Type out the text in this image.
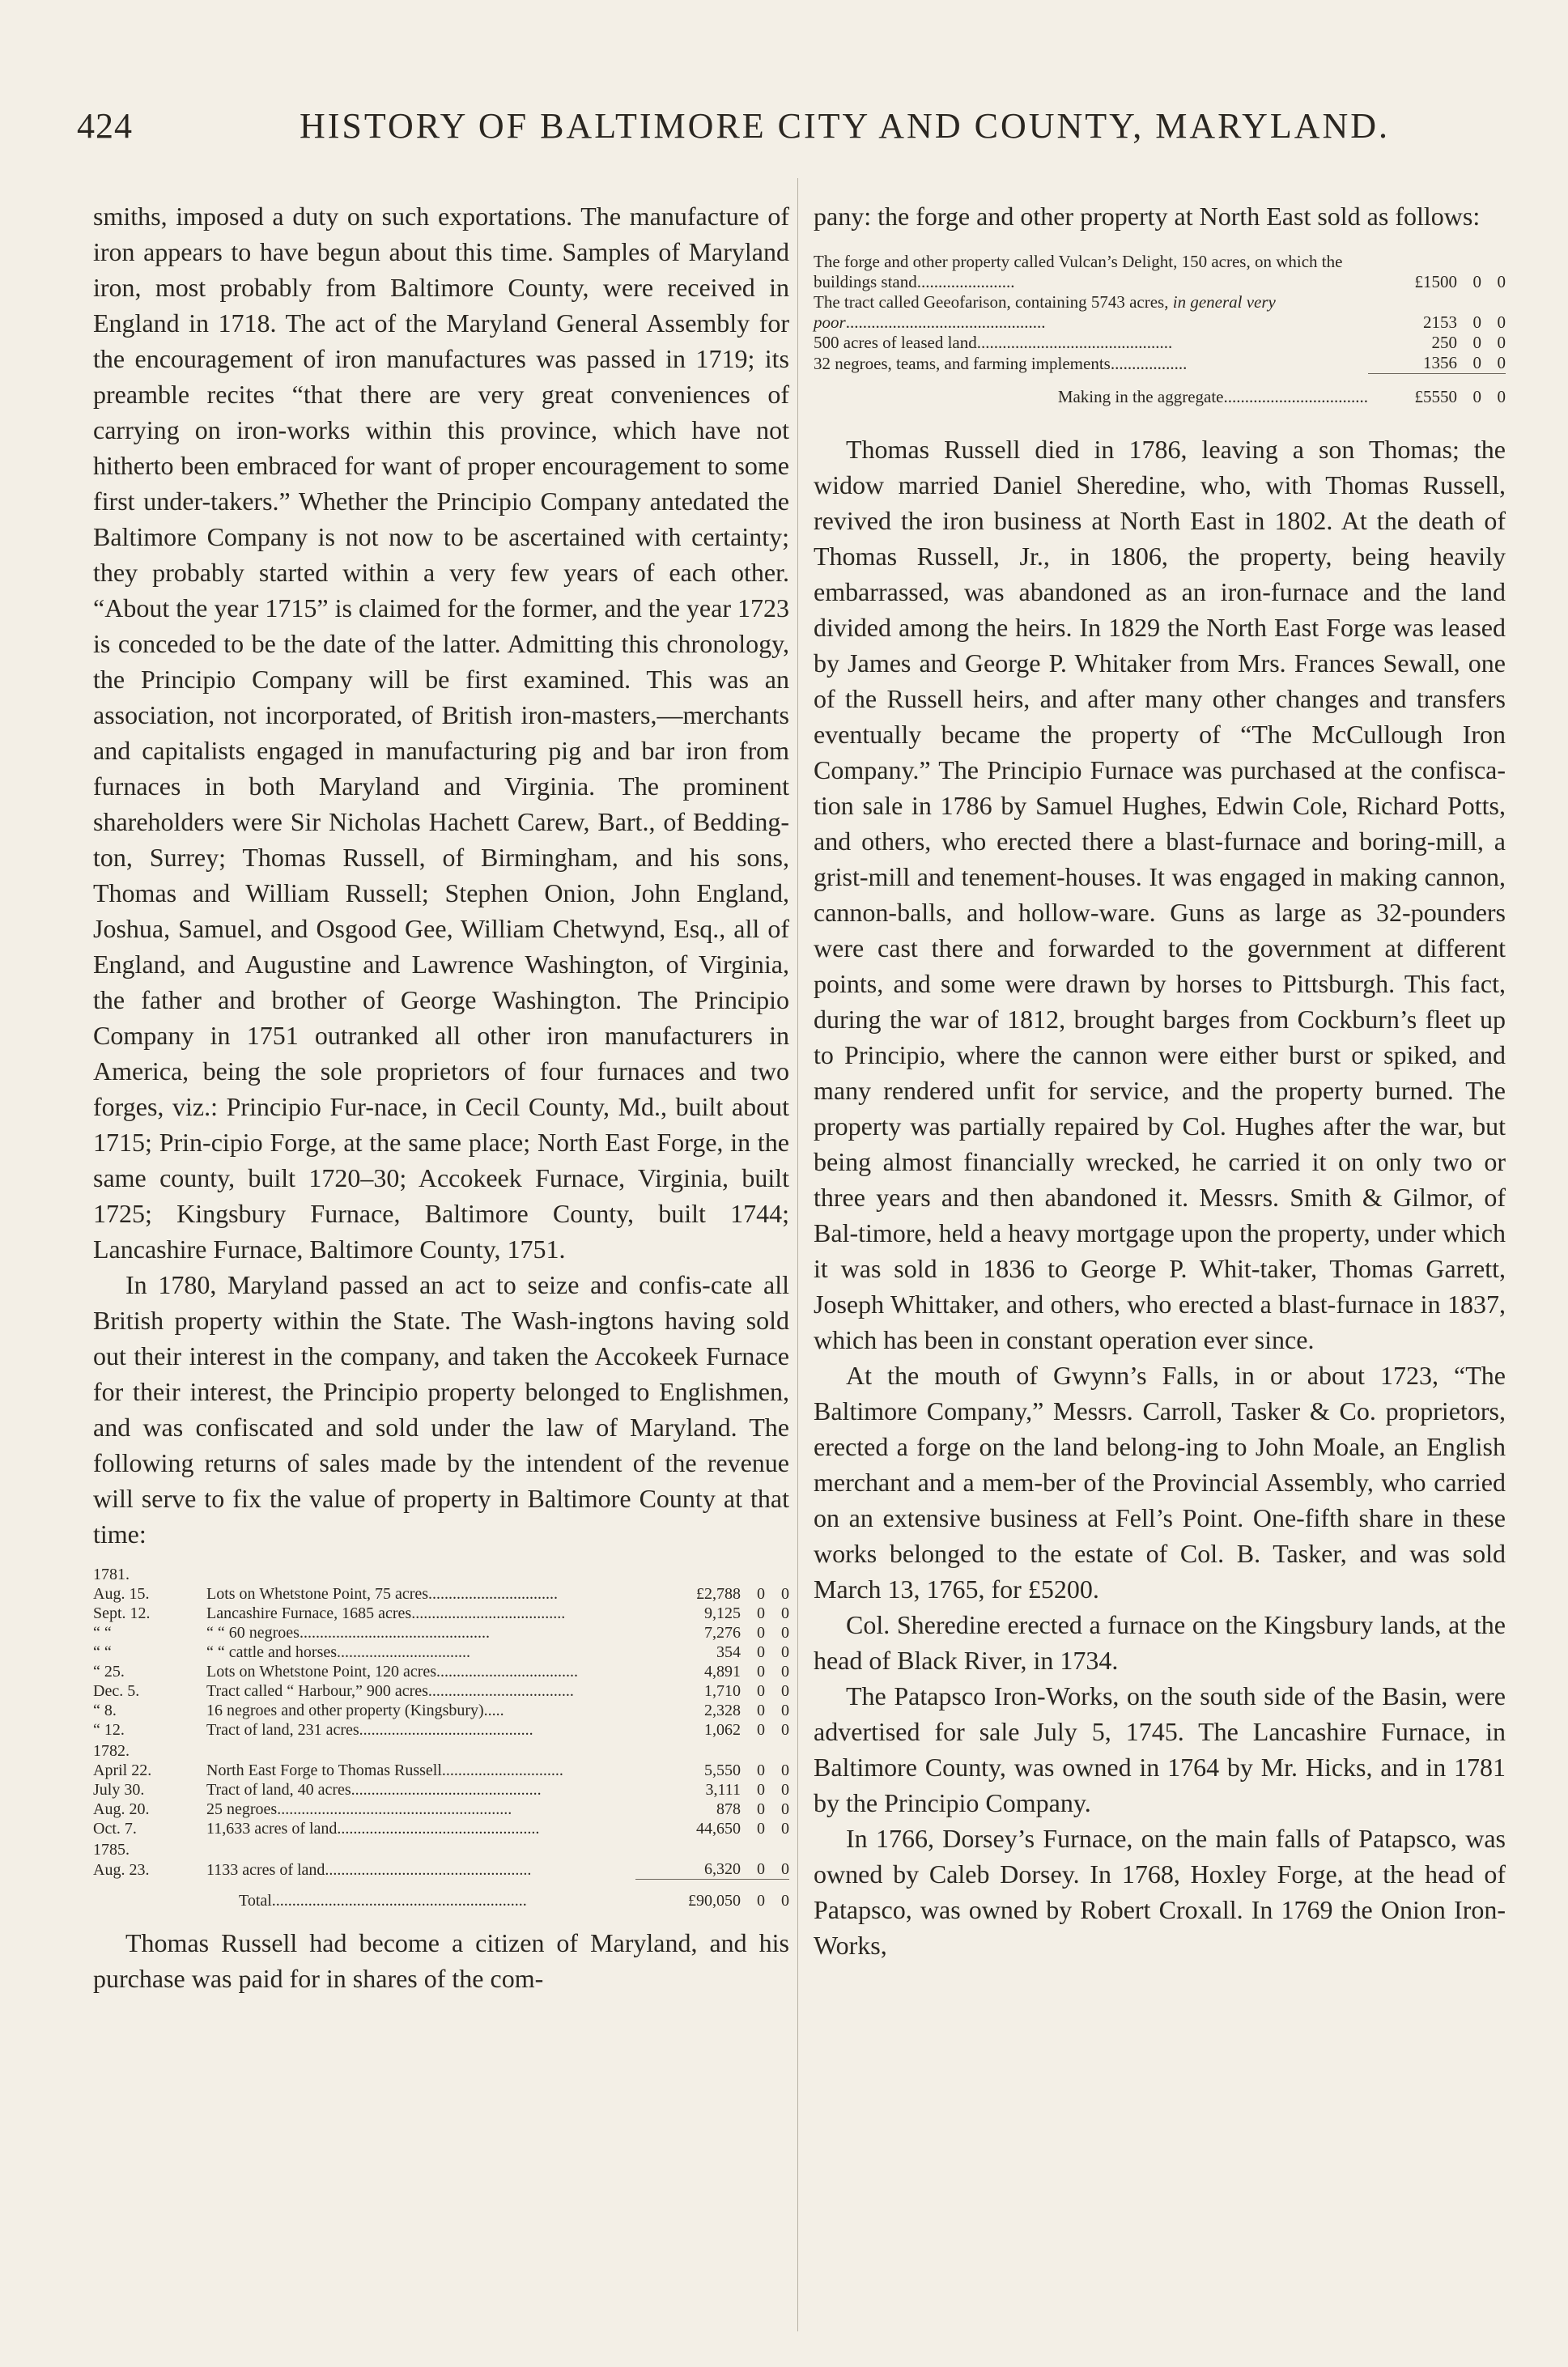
424	HISTORY OF BALTIMORE CITY AND COUNTY, MARYLAND.

smiths, imposed a duty on such exportations. The manufacture of iron appears to have begun about this time. Samples of Maryland iron, most probably from Baltimore County, were received in England in 1718. The act of the Maryland General Assembly for the encouragement of iron manufactures was passed in 1719; its preamble recites “that there are very great conveniences of carrying on iron-works within this province, which have not hitherto been embraced for want of proper encouragement to some first under-takers.” Whether the Principio Company antedated the Baltimore Company is not now to be ascertained with certainty; they probably started within a very few years of each other. “About the year 1715” is claimed for the former, and the year 1723 is conceded to be the date of the latter. Admitting this chronology, the Principio Company will be first examined. This was an association, not incorporated, of British iron-masters,—merchants and capitalists engaged in manufacturing pig and bar iron from furnaces in both Maryland and Virginia. The prominent shareholders were Sir Nicholas Hachett Carew, Bart., of Bedding-ton, Surrey; Thomas Russell, of Birmingham, and his sons, Thomas and William Russell; Stephen Onion, John England, Joshua, Samuel, and Osgood Gee, William Chetwynd, Esq., all of England, and Augustine and Lawrence Washington, of Virginia, the father and brother of George Washington. The Principio Company in 1751 outranked all other iron manufacturers in America, being the sole proprietors of four furnaces and two forges, viz.: Principio Fur-nace, in Cecil County, Md., built about 1715; Prin-cipio Forge, at the same place; North East Forge, in the same county, built 1720–30; Accokeek Furnace, Virginia, built 1725; Kingsbury Furnace, Baltimore County, built 1744; Lancashire Furnace, Baltimore County, 1751.

In 1780, Maryland passed an act to seize and confis-cate all British property within the State. The Wash-ingtons having sold out their interest in the company, and taken the Accokeek Furnace for their interest, the Principio property belonged to Englishmen, and was confiscated and sold under the law of Maryland. The following returns of sales made by the intendent of the revenue will serve to fix the value of property in Baltimore County at that time:

1781.				
Aug. 15.	Lots on Whetstone Point, 75 acres................................	£2,788	0	0
Sept. 12.	Lancashire Furnace, 1685 acres......................................	9,125	0	0
“ “	“ “ 60 negroes...............................................	7,276	0	0
“ “	“ “ cattle and horses.................................	354	0	0
“ 25.	Lots on Whetstone Point, 120 acres...................................	4,891	0	0
Dec. 5.	Tract called “ Harbour,” 900 acres....................................	1,710	0	0
“ 8.	16 negroes and other property (Kingsbury).....	2,328	0	0
“ 12.	Tract of land, 231 acres...........................................	1,062	0	0
1782.				
April 22.	North East Forge to Thomas Russell..............................	5,550	0	0
July 30.	Tract of land, 40 acres...............................................	3,111	0	0
Aug. 20.	25 negroes..........................................................	878	0	0
Oct. 7.	11,633 acres of land..................................................	44,650	0	0
1785.				
Aug. 23.	1133 acres of land...................................................	6,320	0	0
	Total...............................................................	£90,050	0	0

Thomas Russell had become a citizen of Maryland, and his purchase was paid for in shares of the com-

pany: the forge and other property at North East sold as follows:

The forge and other property called Vulcan’s Delight, 150 acres, on which the buildings stand.......................	£1500	0	0
The tract called Geeofarison, containing 5743 acres, in general very poor...............................................	2153	0	0
500 acres of leased land..............................................	250	0	0
32 negroes, teams, and farming implements..................	1356	0	0
Making in the aggregate..................................	£5550	0	0

Thomas Russell died in 1786, leaving a son Thomas; the widow married Daniel Sheredine, who, with Thomas Russell, revived the iron business at North East in 1802. At the death of Thomas Russell, Jr., in 1806, the property, being heavily embarrassed, was abandoned as an iron-furnace and the land divided among the heirs. In 1829 the North East Forge was leased by James and George P. Whitaker from Mrs. Frances Sewall, one of the Russell heirs, and after many other changes and transfers eventually became the property of “The McCullough Iron Company.” The Principio Furnace was purchased at the confisca-tion sale in 1786 by Samuel Hughes, Edwin Cole, Richard Potts, and others, who erected there a blast-furnace and boring-mill, a grist-mill and tenement-houses. It was engaged in making cannon, cannon-balls, and hollow-ware. Guns as large as 32-pounders were cast there and forwarded to the government at different points, and some were drawn by horses to Pittsburgh. This fact, during the war of 1812, brought barges from Cockburn’s fleet up to Principio, where the cannon were either burst or spiked, and many rendered unfit for service, and the property burned. The property was partially repaired by Col. Hughes after the war, but being almost financially wrecked, he carried it on only two or three years and then abandoned it. Messrs. Smith & Gilmor, of Bal-timore, held a heavy mortgage upon the property, under which it was sold in 1836 to George P. Whit-taker, Thomas Garrett, Joseph Whittaker, and others, who erected a blast-furnace in 1837, which has been in constant operation ever since.

At the mouth of Gwynn’s Falls, in or about 1723, “The Baltimore Company,” Messrs. Carroll, Tasker & Co. proprietors, erected a forge on the land belong-ing to John Moale, an English merchant and a mem-ber of the Provincial Assembly, who carried on an extensive business at Fell’s Point. One-fifth share in these works belonged to the estate of Col. B. Tasker, and was sold March 13, 1765, for £5200.

Col. Sheredine erected a furnace on the Kingsbury lands, at the head of Black River, in 1734.

The Patapsco Iron-Works, on the south side of the Basin, were advertised for sale July 5, 1745. The Lancashire Furnace, in Baltimore County, was owned in 1764 by Mr. Hicks, and in 1781 by the Principio Company.

In 1766, Dorsey’s Furnace, on the main falls of Patapsco, was owned by Caleb Dorsey. In 1768, Hoxley Forge, at the head of Patapsco, was owned by Robert Croxall. In 1769 the Onion Iron-Works,
